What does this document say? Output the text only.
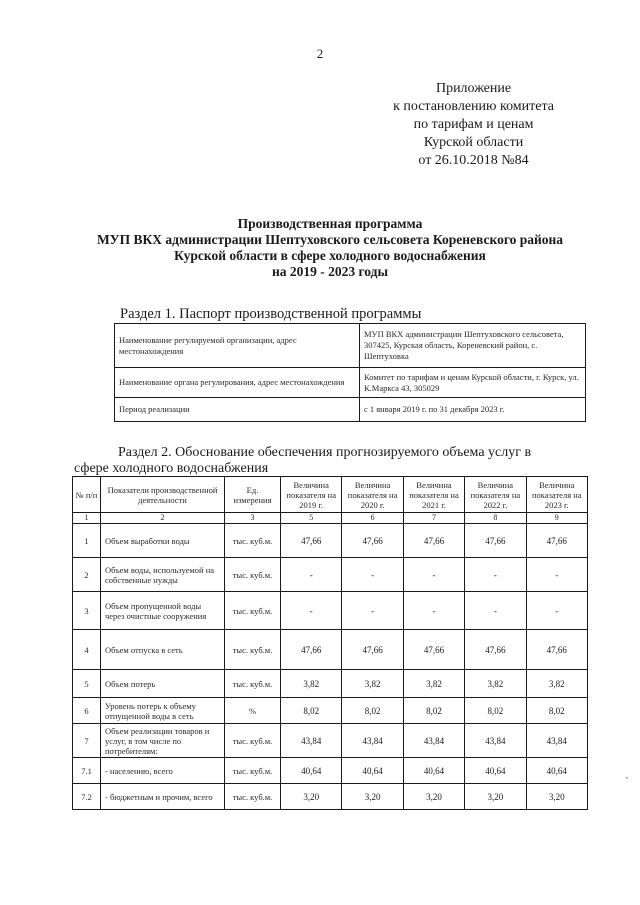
2
Приложение
к постановлению комитета
по тарифам и ценам
Курской области
от 26.10.2018 №84
Производственная программа
МУП ВКХ администрации Шептуховского сельсовета Кореневского района
Курской области в сфере холодного водоснабжения
на 2019 - 2023 годы
Раздел 1. Паспорт производственной программы
Наименование регулируемой организации, адрес местонахождения	МУП ВКХ администрации Шептуховского сельсовета, 307425, Курская область, Кореневский район, с. Шептуховка
Наименование органа регулирования, адрес местонахождения	Комитет по тарифам и ценам Курской области, г. Курск, ул. К.Маркса 43, 305029
Период реализации	с 1 января 2019 г. по 31 декабря 2023 г.
Раздел 2. Обоснование обеспечения прогнозируемого объема услуг в
сфере холодного водоснабжения
№ п/п	Показатели производственной деятельности	Ед. измерения	Величина показателя на 2019 г.	Величина показателя на 2020 г.	Величина показателя на 2021 г.	Величина показателя на 2022 г.	Величина показателя на 2023 г.
1	2	3	5	6	7	8	9
1	Объем выработки воды	тыс. куб.м.	47,66	47,66	47,66	47,66	47,66
2	Объем воды, используемой на собственные нужды	тыс. куб.м.	-	-	-	-	-
3	Объем пропущенной воды через очистные сооружения	тыс. куб.м.	-	-	-	-	-
4	Объем отпуска в сеть	тыс. куб.м.	47,66	47,66	47,66	47,66	47,66
5	Объем потерь	тыс. куб.м.	3,82	3,82	3,82	3,82	3,82
6	Уровень потерь к объему отпущенной воды в сеть	%	8,02	8,02	8,02	8,02	8,02
7	Объем реализации товаров и услуг, в том числе по потребителям:	тыс. куб.м.	43,84	43,84	43,84	43,84	43,84
7.1	- населению, всего	тыс. куб.м.	40,64	40,64	40,64	40,64	40,64
7.2	- бюджетным и прочим, всего	тыс. куб.м.	3,20	3,20	3,20	3,20	3,20
,
